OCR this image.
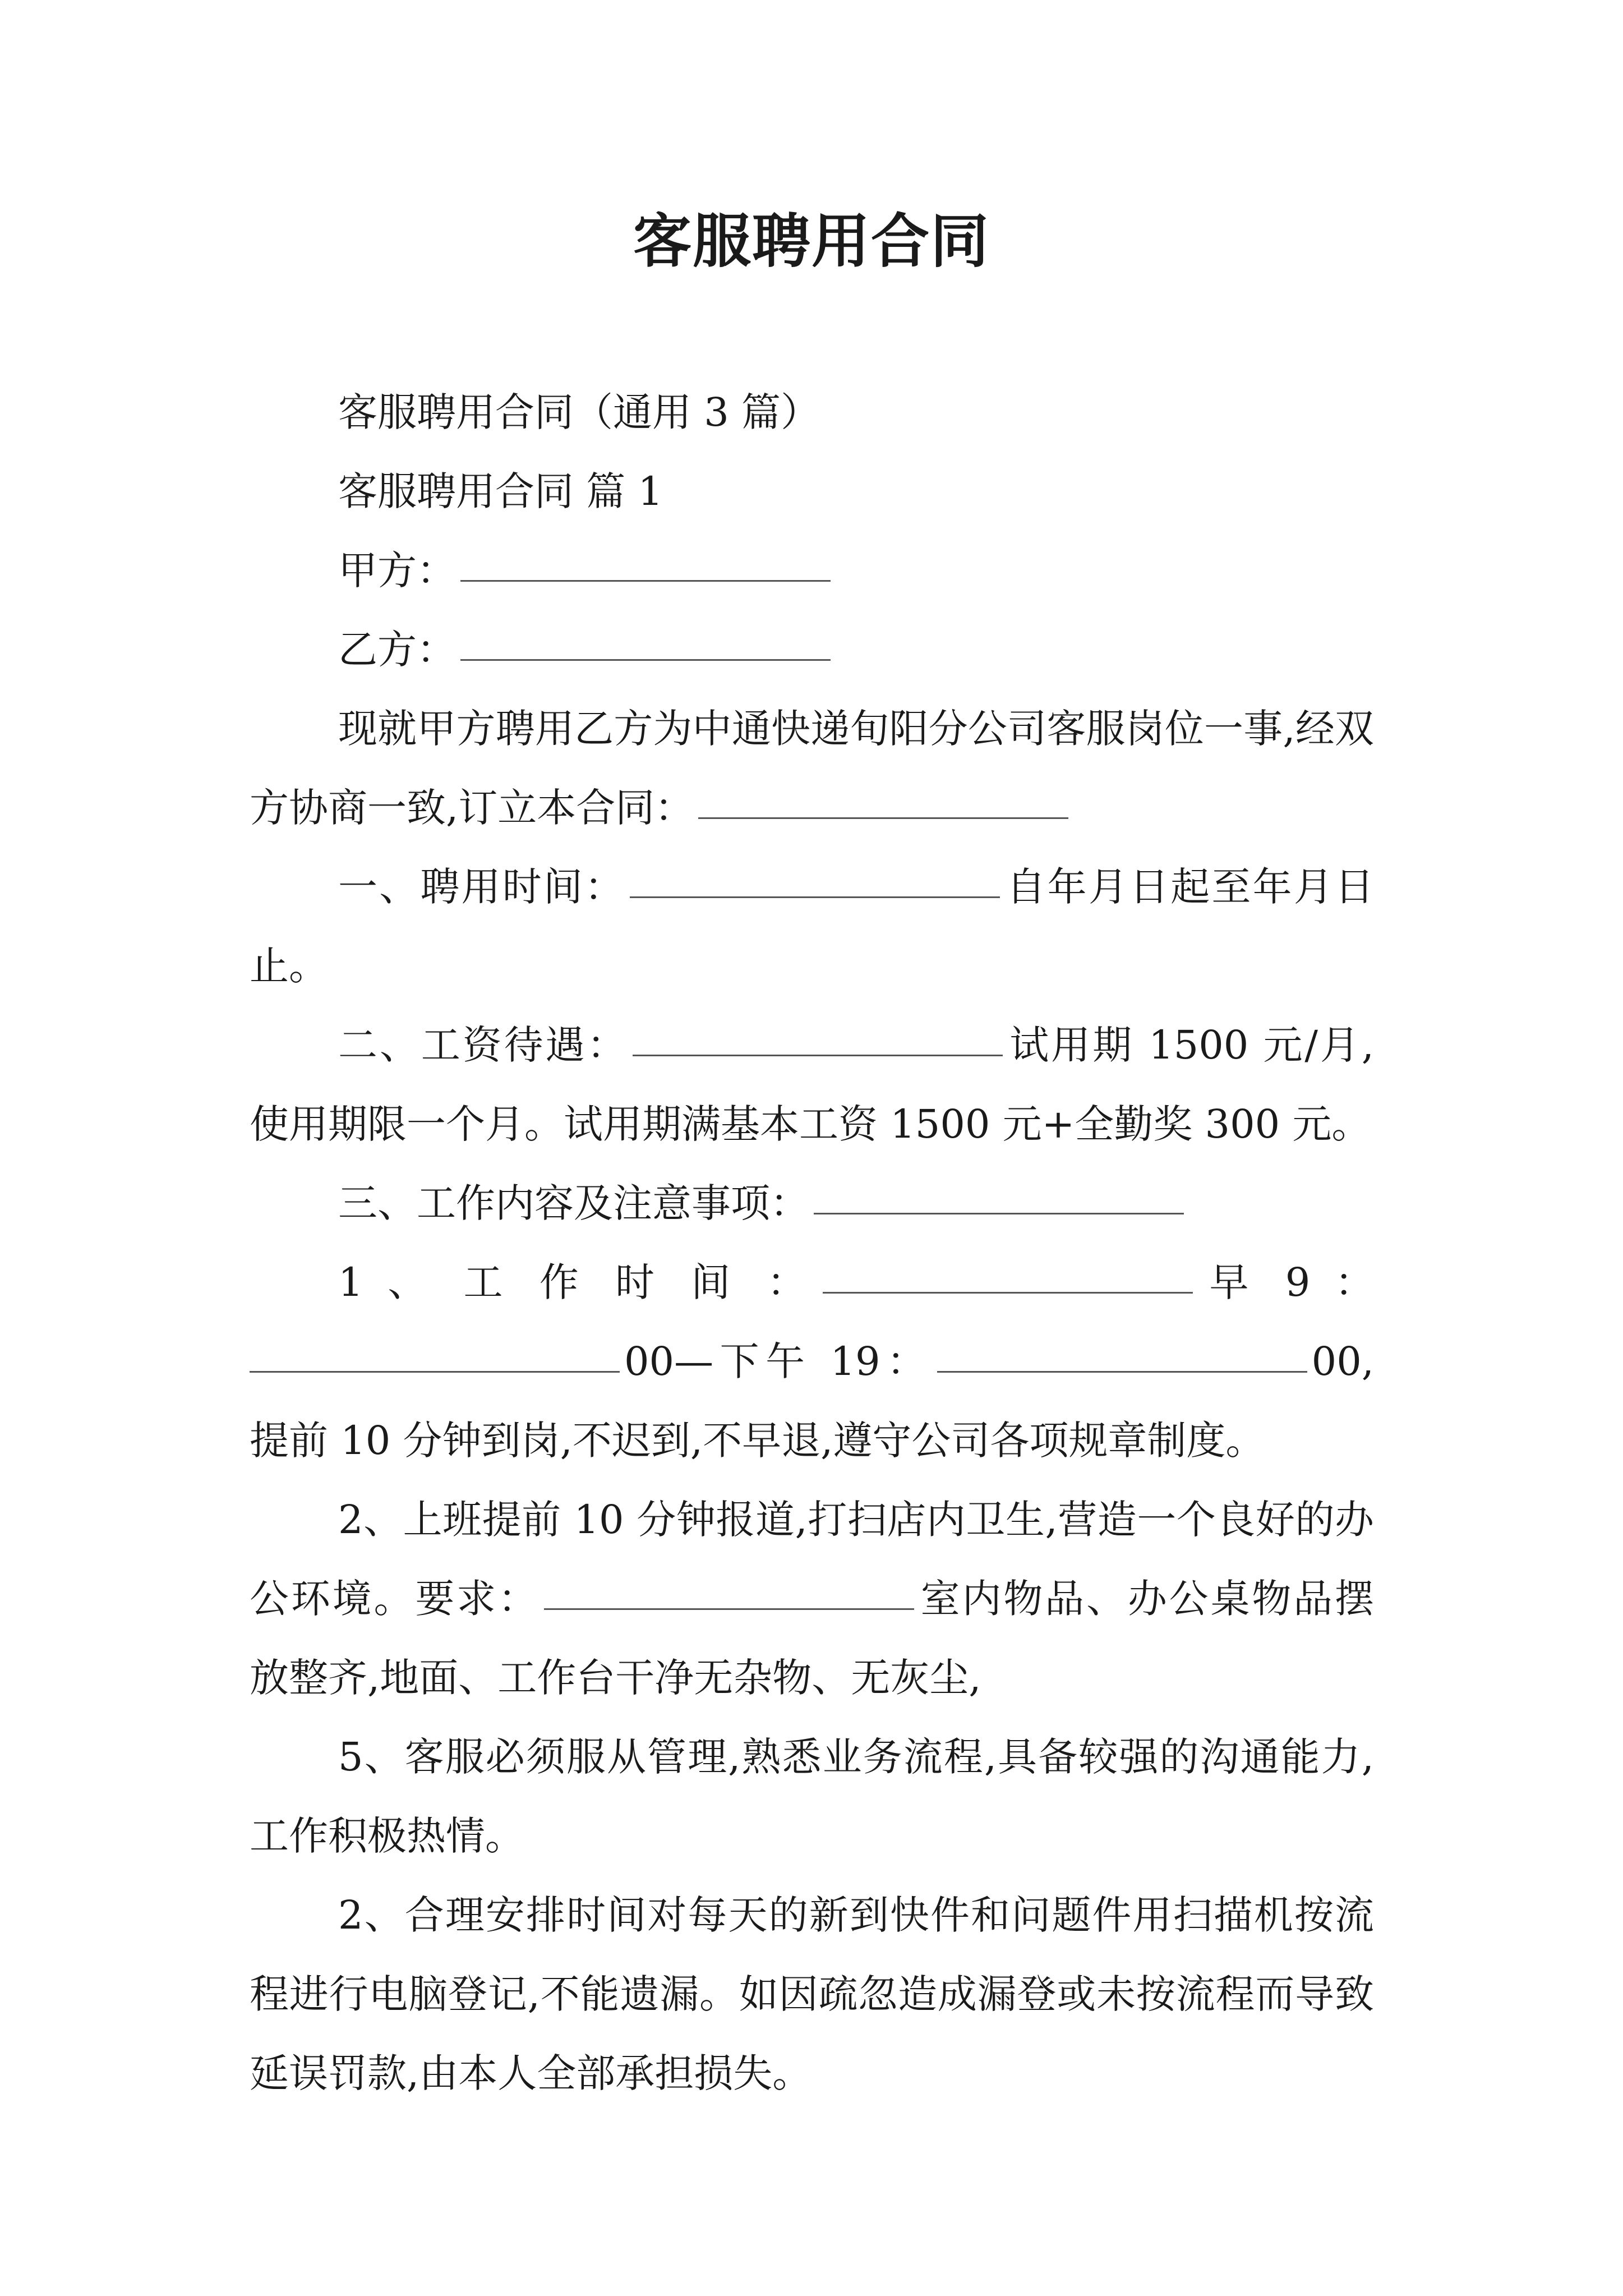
客服聘用合同

客服聘用合同（通用 3 篇）

客服聘用合同 篇 1

甲方：

乙方：

现就甲方聘用乙方为中通快递旬阳分公司客服岗位一事,经双方协商一致,订立本合同：

一、聘用时间：	自年月日起至年月日止。

二、工资待遇：	试用期 1500 元/月,使用期限一个月。试用期满基本工资 1500 元+全勤奖 300 元。

三、工作内容及注意事项：

1 、 工 作 时 间 ：	早 9 ：

00—下午 19：	00,提前 10 分钟到岗,不迟到,不早退,遵守公司各项规章制度。

2、上班提前 10 分钟报道,打扫店内卫生,营造一个良好的办公环境。要求：	室内物品、办公桌物品摆放整齐,地面、工作台干净无杂物、无灰尘,

5、客服必须服从管理,熟悉业务流程,具备较强的沟通能力,工作积极热情。

2、合理安排时间对每天的新到快件和问题件用扫描机按流程进行电脑登记,不能遗漏。如因疏忽造成漏登或未按流程而导致延误罚款,由本人全部承担损失。
